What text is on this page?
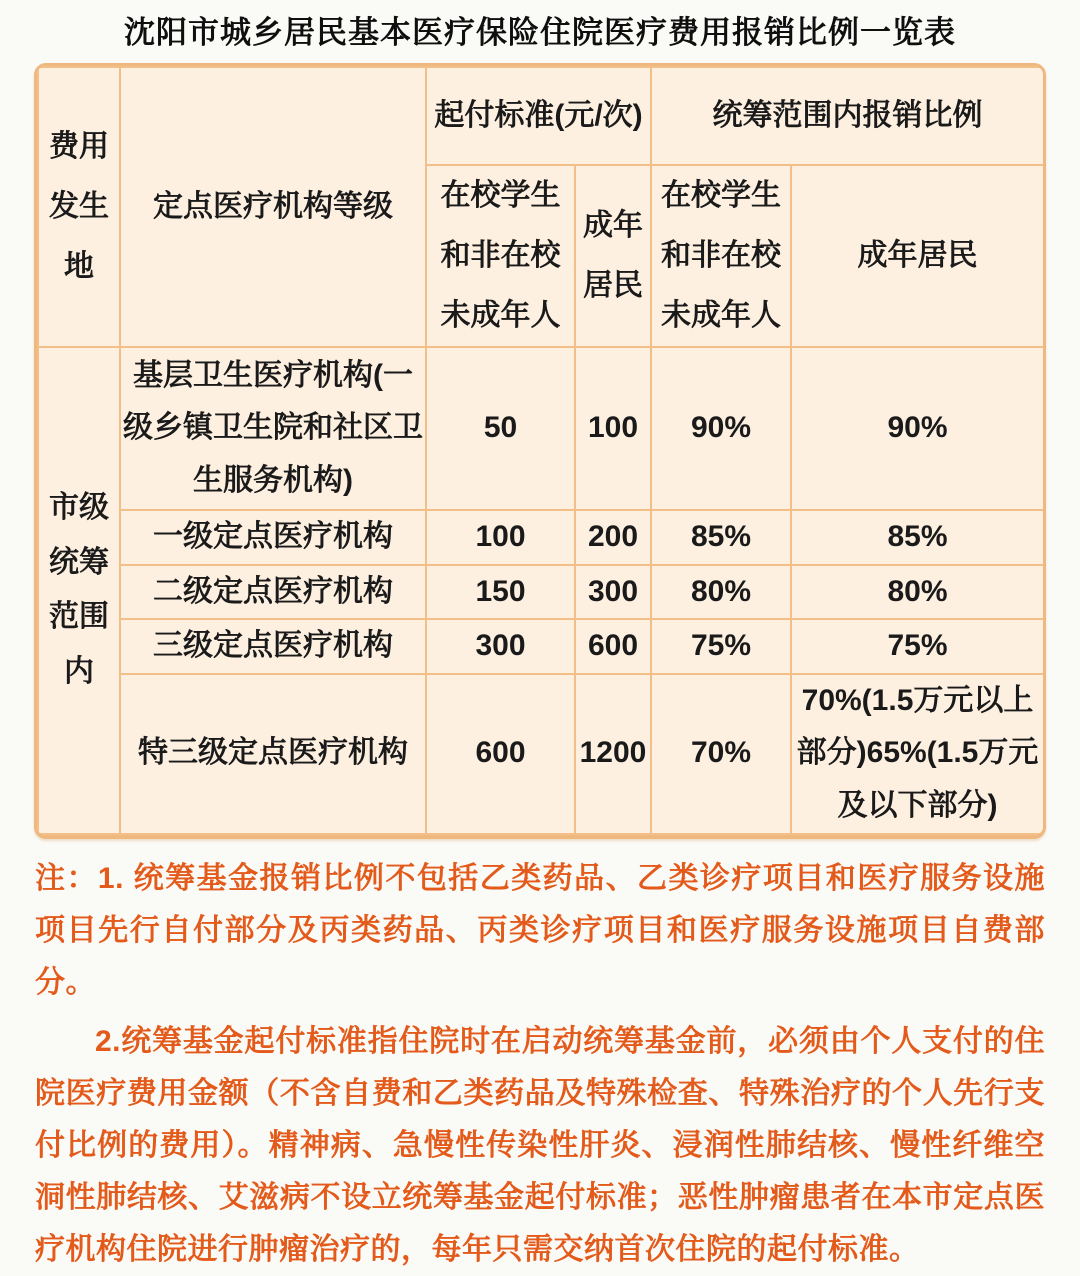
沈阳市城乡居民基本医疗保险住院医疗费用报销比例一览表
费用发生地	定点医疗机构等级	起付标准(元/次)		统筹范围内报销比例	
		在校学生和非在校未成年人	成年居民	在校学生和非在校未成年人	成年居民
市级统筹范围内	基层卫生医疗机构(一级乡镇卫生院和社区卫生服务机构)	50	100	90%	90%
	一级定点医疗机构	100	200	85%	85%
	二级定点医疗机构	150	300	80%	80%
	三级定点医疗机构	300	600	75%	75%
	特三级定点医疗机构	600	1200	70%	70%(1.5万元以上部分)65%(1.5万元及以下部分)

注：1. 统筹基金报销比例不包括乙类药品、乙类诊疗项目和医疗服务设施项目先行自付部分及丙类药品、丙类诊疗项目和医疗服务设施项目自费部分。

2.统筹基金起付标准指住院时在启动统筹基金前，必须由个人支付的住院医疗费用金额（不含自费和乙类药品及特殊检查、特殊治疗的个人先行支付比例的费用）。精神病、急慢性传染性肝炎、浸润性肺结核、慢性纤维空洞性肺结核、艾滋病不设立统筹基金起付标准；恶性肿瘤患者在本市定点医疗机构住院进行肿瘤治疗的，每年只需交纳首次住院的起付标准。
